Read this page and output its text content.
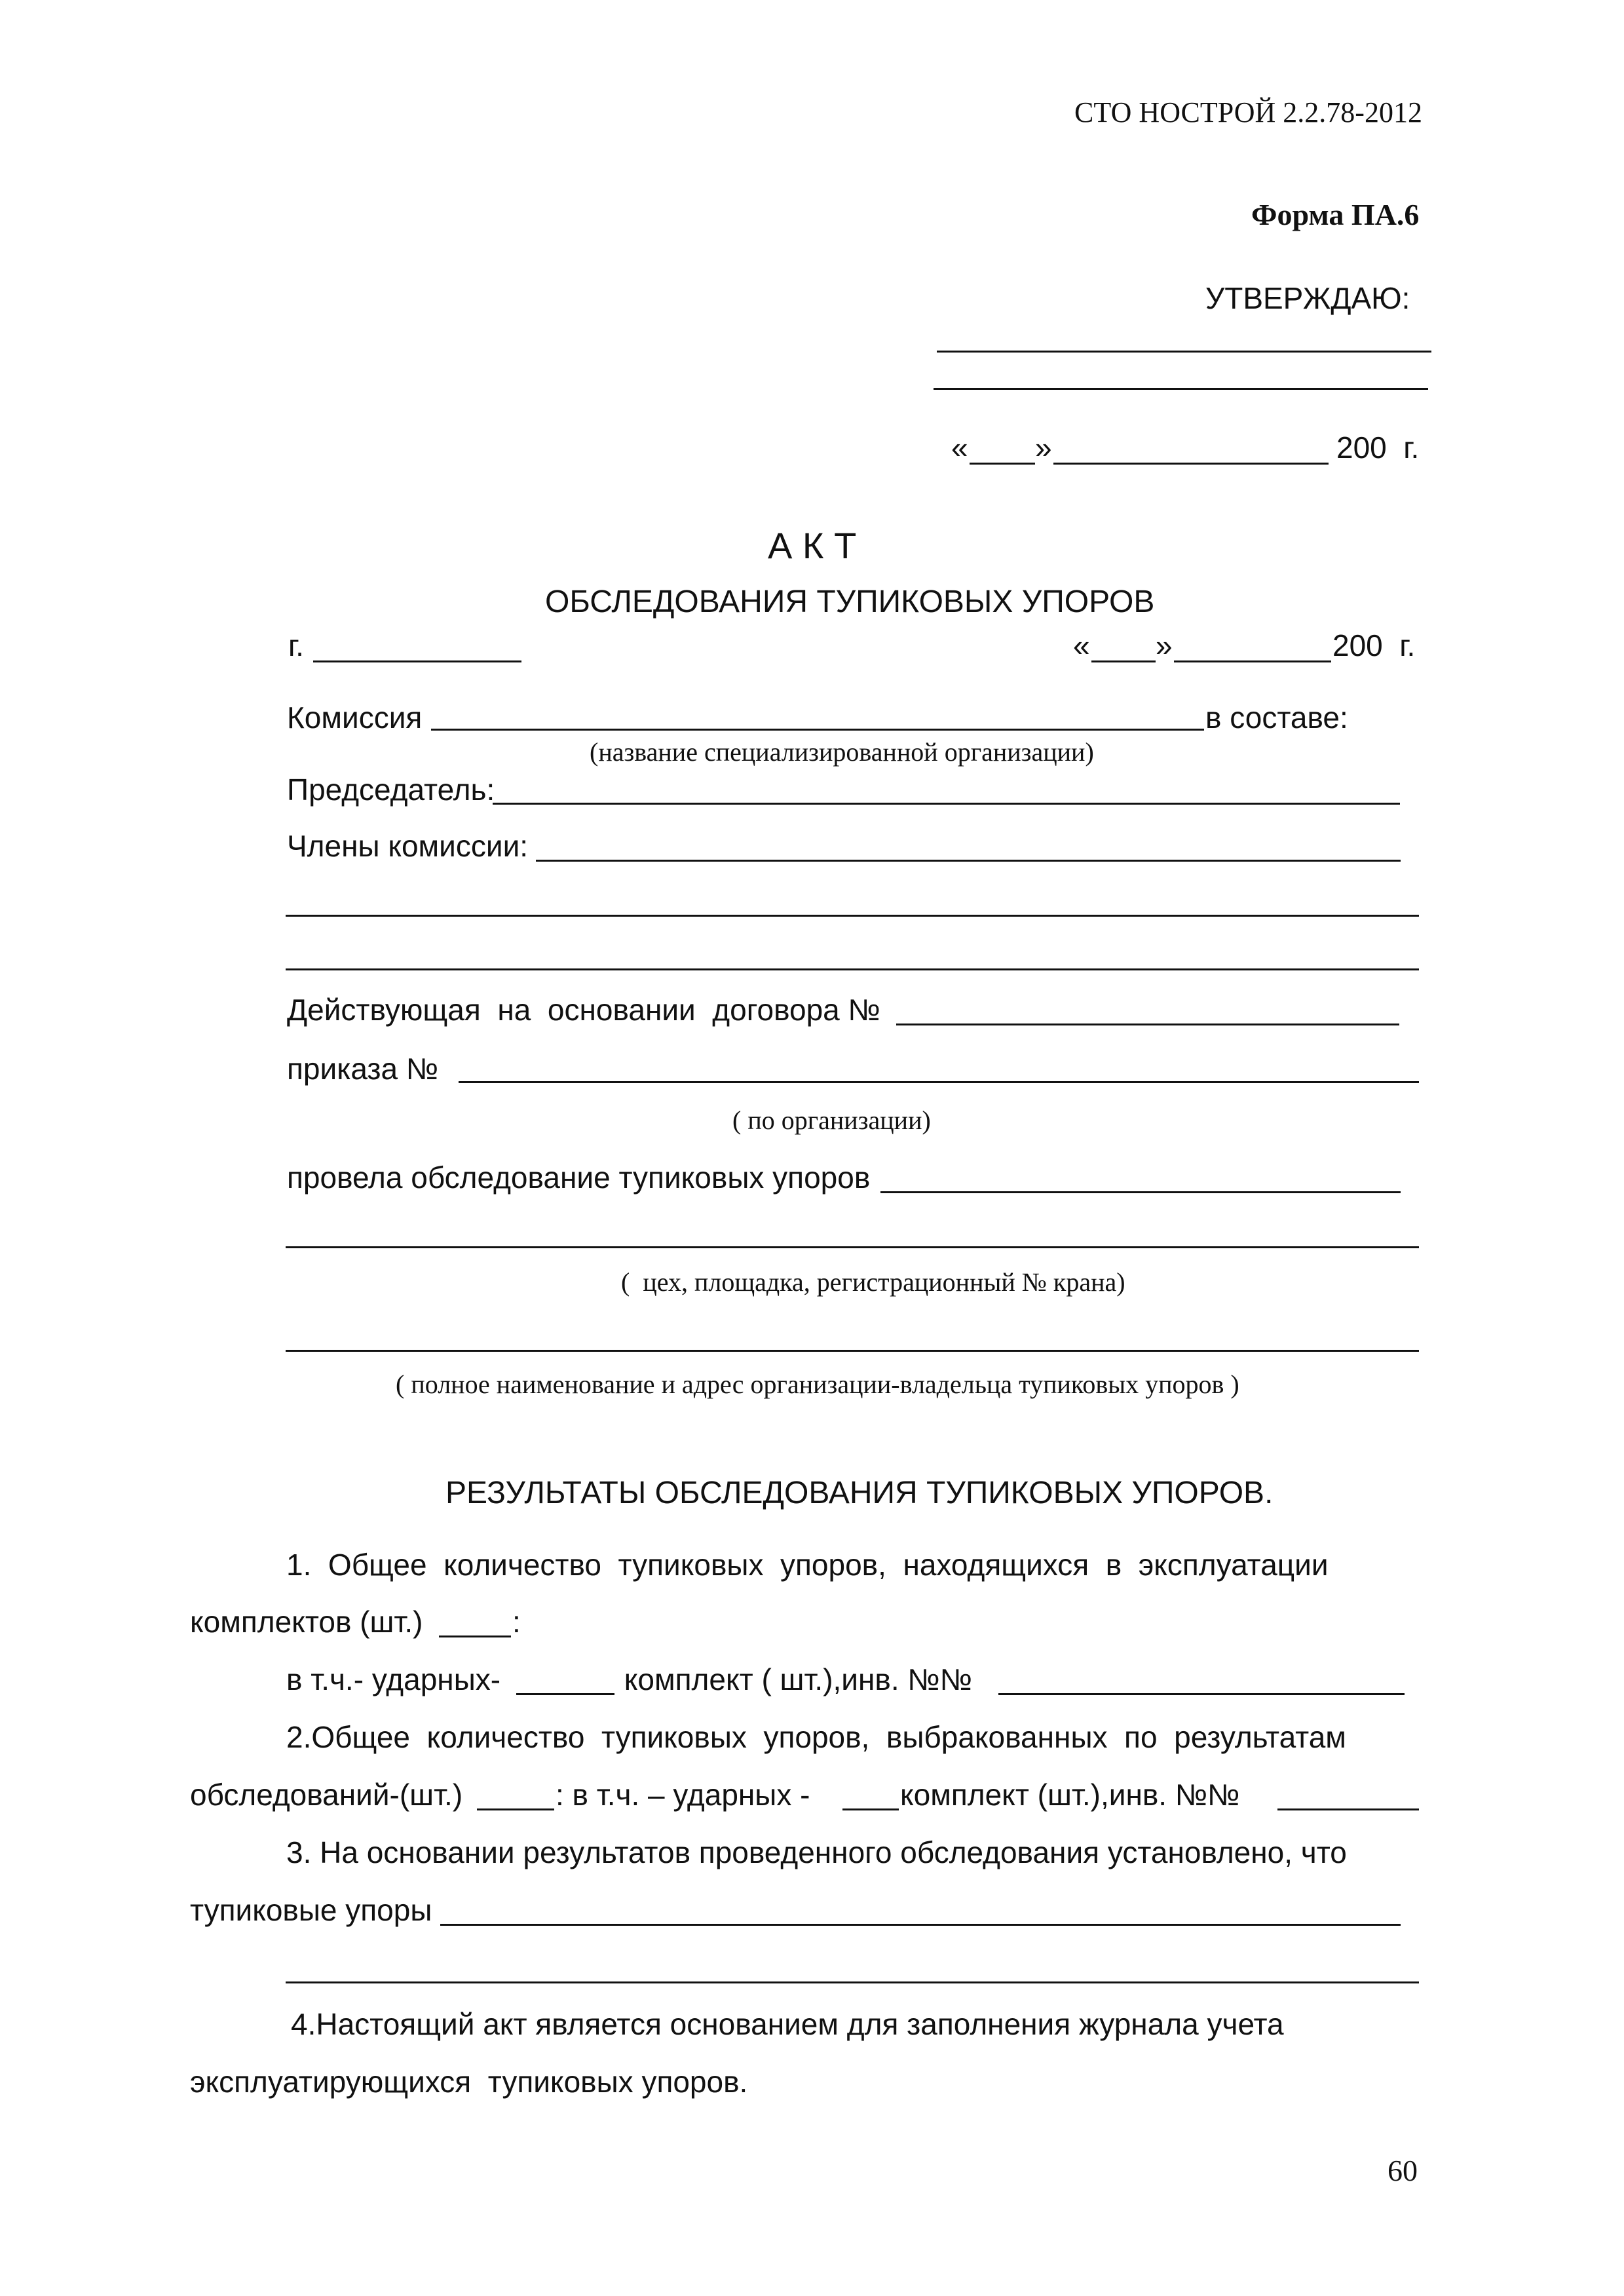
СТО НОСТРОЙ 2.2.78-2012
Форма ПА.6
УТВЕРЖДАЮ:
« »	200  г.
А К Т
ОБСЛЕДОВАНИЯ ТУПИКОВЫХ УПОРОВ
г.	« »	200  г.
Комиссия	в составе:
(название специализированной организации)
Председатель:
Члены комиссии:
Действующая  на  основании  договора №
приказа №
( по организации)
провела обследование тупиковых упоров
(  цех, площадка, регистрационный № крана)
( полное наименование и адрес организации-владельца тупиковых упоров )
РЕЗУЛЬТАТЫ ОБСЛЕДОВАНИЯ ТУПИКОВЫХ УПОРОВ.
1.  Общее  количество  тупиковых  упоров,  находящихся  в  эксплуатации
комплектов (шт.)	:
в т.ч.- ударных-	комплект ( шт.),инв. №№
2.Общее  количество  тупиковых  упоров,  выбракованных  по  результатам
обследований-(шт.)	: в т.ч. – ударных -	комплект (шт.),инв. №№
3. На основании результатов проведенного обследования установлено, что
тупиковые упоры
4.Настоящий акт является основанием для заполнения журнала учета
эксплуатирующихся  тупиковых упоров.
60
